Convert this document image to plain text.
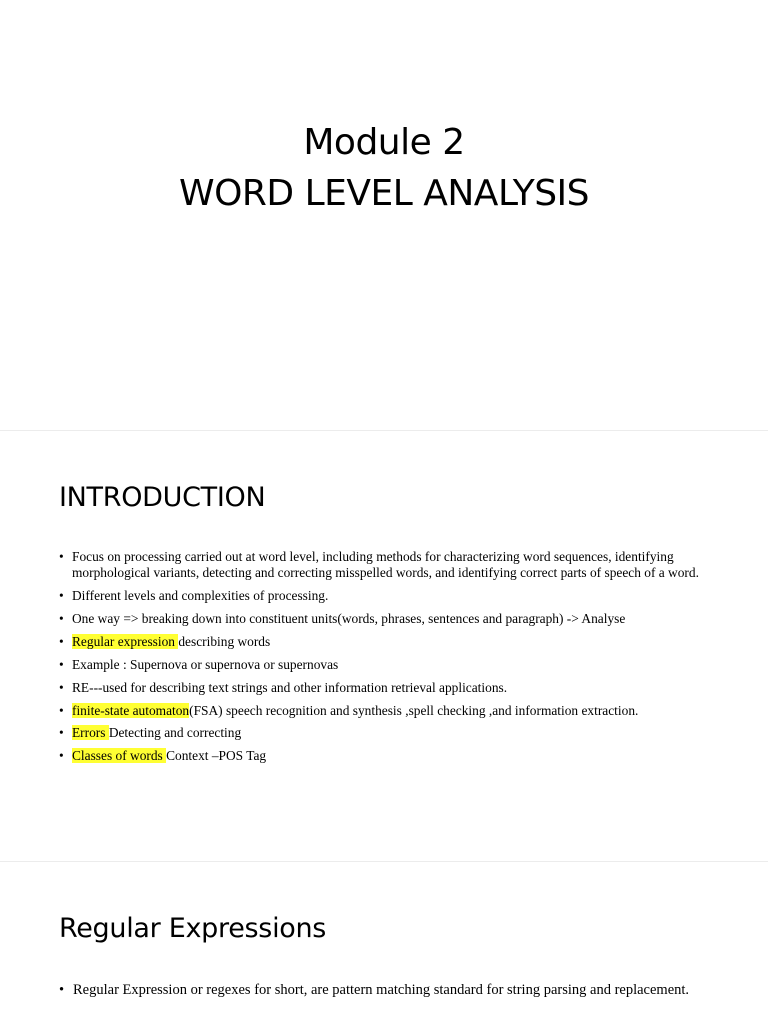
Module 2
WORD LEVEL ANALYSIS
INTRODUCTION
• Focus on processing carried out at word level, including methods for characterizing word sequences, identifying morphological variants, detecting and correcting misspelled words, and identifying correct parts of speech of a word.
• Different levels and complexities of processing.
• One way => breaking down into constituent units(words, phrases, sentences and paragraph) -> Analyse
• Regular expression describing words
• Example : Supernova or supernova or supernovas
• RE---used for describing text strings and other information retrieval applications.
• finite-state automaton(FSA) speech recognition and synthesis ,spell checking ,and information extraction.
• Errors Detecting and correcting
• Classes of words Context –POS Tag
Regular Expressions
• Regular Expression or regexes for short, are pattern matching standard for string parsing and replacement.
